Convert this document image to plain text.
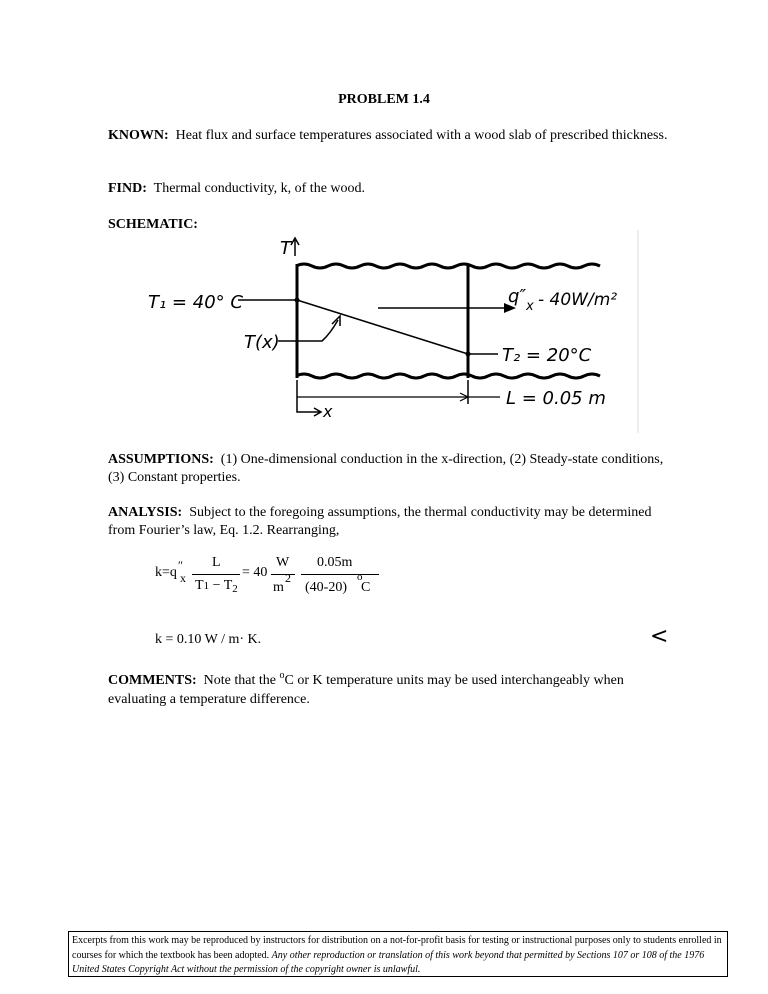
PROBLEM 1.4
KNOWN: Heat flux and surface temperatures associated with a wood slab of prescribed thickness.
FIND: Thermal conductivity, k, of the wood.
SCHEMATIC:
T
T₁ = 40° C
T(x)
q″ x - 40W/m²
T₂ = 20°C
L = 0.05 m
x
ASSUMPTIONS: (1) One-dimensional conduction in the x-direction, (2) Steady-state conditions, (3) Constant properties.
ANALYSIS: Subject to the foregoing assumptions, the thermal conductivity may be determined from Fourier’s law, Eq. 1.2. Rearranging,
k=q ″
x
L
$T1 - T_2$
= 40
W
m
2
0.05m
(40-20)
o
C
k = 0.10 W / m· K.	<
COMMENTS: Note that the $^o$C or K temperature units may be used interchangeably when evaluating a temperature difference.
Excerpts from this work may be reproduced by instructors for distribution on a not-for-profit basis for testing or instructional purposes only to students enrolled in courses for which the textbook has been adopted. Any other reproduction or translation of this work beyond that permitted by Sections 107 or 108 of the 1976 United States Copyright Act without the permission of the copyright owner is unlawful.
